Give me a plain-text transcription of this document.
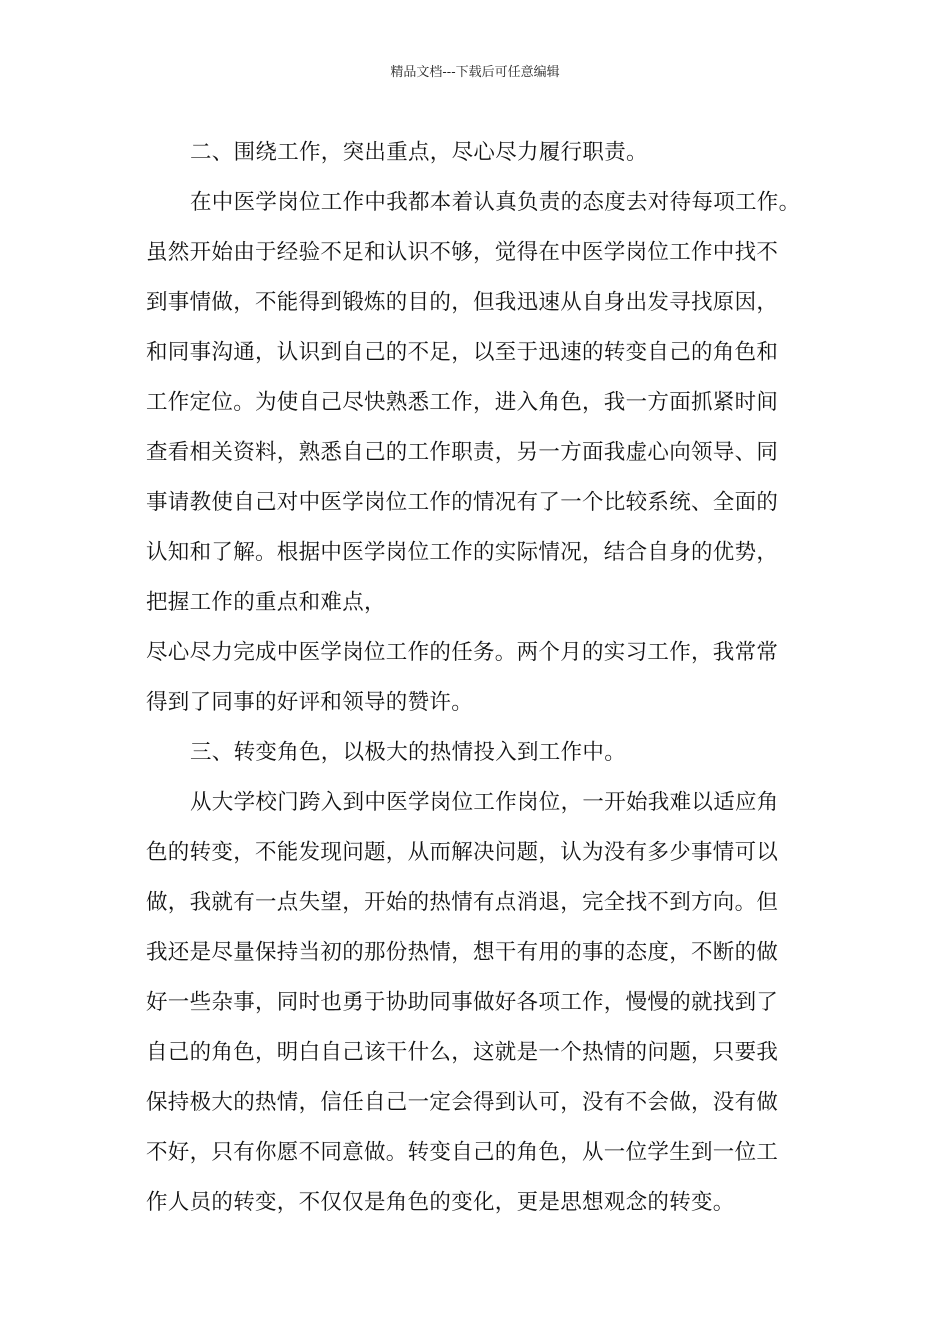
精品文档---下载后可任意编辑
二、围绕工作，突出重点，尽心尽力履行职责。
在中医学岗位工作中我都本着认真负责的态度去对待每项工作。
虽然开始由于经验不足和认识不够，觉得在中医学岗位工作中找不
到事情做，不能得到锻炼的目的，但我迅速从自身出发寻找原因，
和同事沟通，认识到自己的不足，以至于迅速的转变自己的角色和
工作定位。为使自己尽快熟悉工作，进入角色，我一方面抓紧时间
查看相关资料，熟悉自己的工作职责，另一方面我虚心向领导、同
事请教使自己对中医学岗位工作的情况有了一个比较系统、全面的
认知和了解。根据中医学岗位工作的实际情况，结合自身的优势，
把握工作的重点和难点，
尽心尽力完成中医学岗位工作的任务。两个月的实习工作，我常常
得到了同事的好评和领导的赞许。
三、转变角色，以极大的热情投入到工作中。
从大学校门跨入到中医学岗位工作岗位，一开始我难以适应角
色的转变，不能发现问题，从而解决问题，认为没有多少事情可以
做，我就有一点失望，开始的热情有点消退，完全找不到方向。但
我还是尽量保持当初的那份热情，想干有用的事的态度，不断的做
好一些杂事，同时也勇于协助同事做好各项工作，慢慢的就找到了
自己的角色，明白自己该干什么，这就是一个热情的问题，只要我
保持极大的热情，信任自己一定会得到认可，没有不会做，没有做
不好，只有你愿不同意做。转变自己的角色，从一位学生到一位工
作人员的转变，不仅仅是角色的变化，更是思想观念的转变。
